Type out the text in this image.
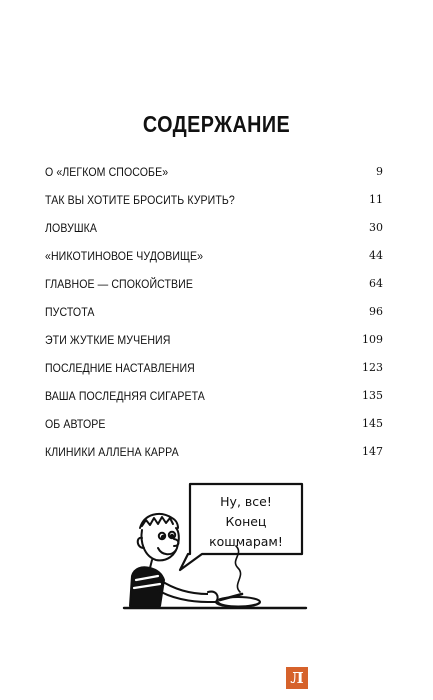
СОДЕРЖАНИЕ
О «ЛЕГКОМ СПОСОБЕ»	9
ТАК ВЫ ХОТИТЕ БРОСИТЬ КУРИТЬ?	11
ЛОВУШКА	30
«НИКОТИНОВОЕ ЧУДОВИЩЕ»	44
ГЛАВНОЕ — СПОКОЙСТВИЕ	64
ПУСТОТА	96
ЭТИ ЖУТКИЕ МУЧЕНИЯ	109
ПОСЛЕДНИЕ НАСТАВЛЕНИЯ	123
ВАША ПОСЛЕДНЯЯ СИГАРЕТА	135
ОБ АВТОРЕ	145
КЛИНИКИ АЛЛЕНА КАРРА	147
Ну, все!
Конец
кошмарам!
Л
